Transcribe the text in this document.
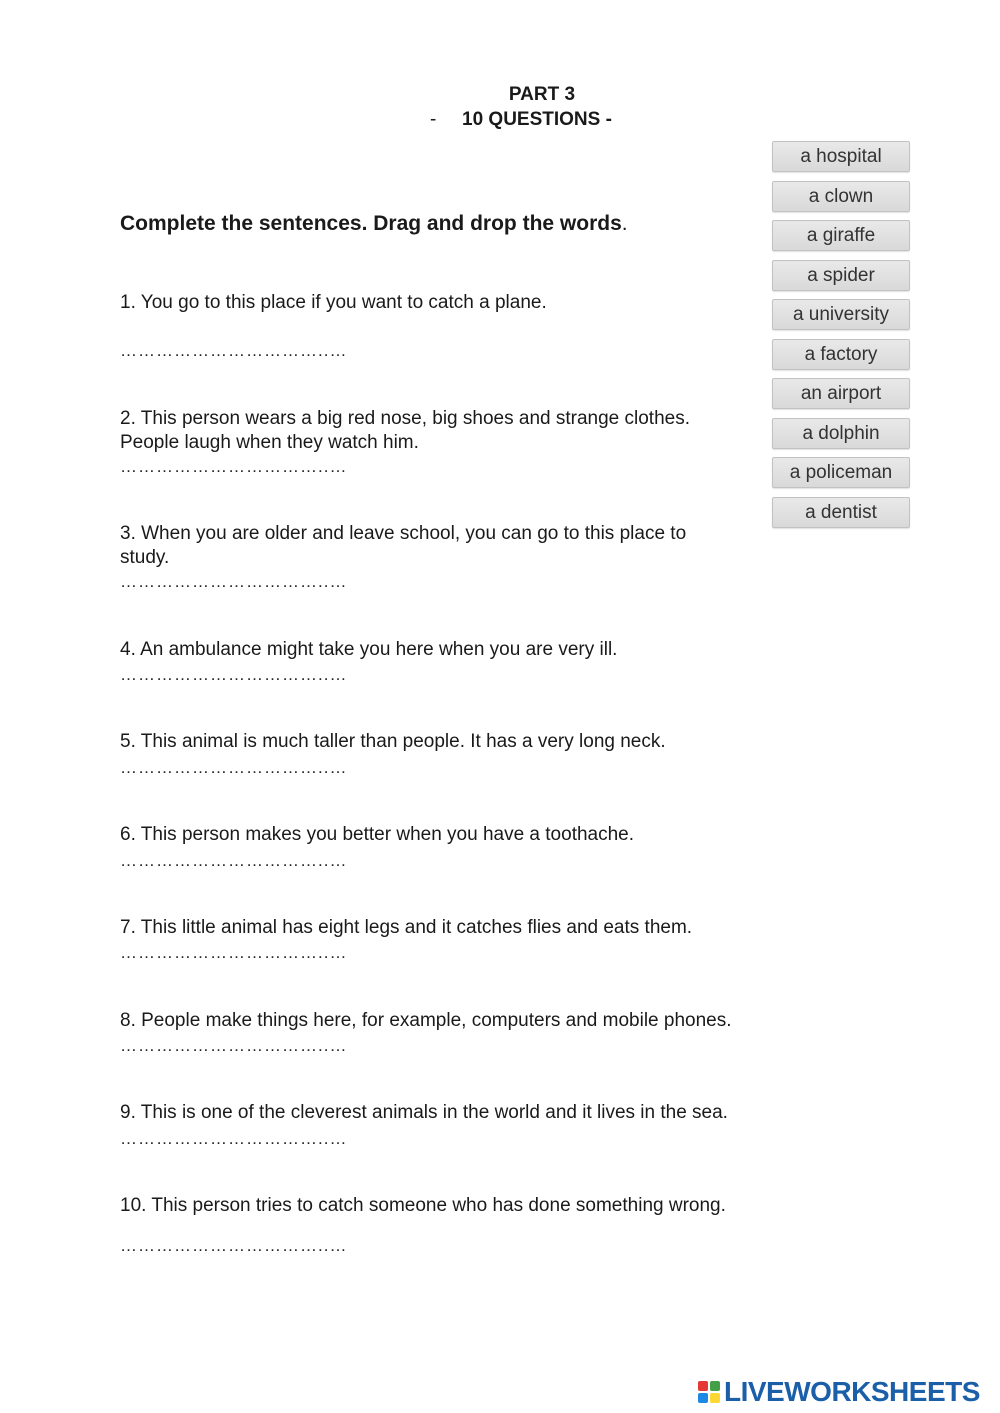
PART 3
- 10 QUESTIONS -
Complete the sentences. Drag and drop the words.
1. You go to this place if you want to catch a plane.
……………………………..…
2. This person wears a big red nose, big shoes and strange clothes.
People laugh when they watch him.
……………………………..…
3. When you are older and leave school, you can go to this place to
study.
……………………………..…
4. An ambulance might take you here when you are very ill.
……………………………..…
5. This animal is much taller than people. It has a very long neck.
……………………………..…
6. This person makes you better when you have a toothache.
……………………………..…
7. This little animal has eight legs and it catches flies and eats them.
……………………………..…
8. People make things here, for example, computers and mobile phones.
……………………………..…
9. This is one of the cleverest animals in the world and it lives in the sea.
……………………………..…
10. This person tries to catch someone who has done something wrong.
……………………………..…
a hospital
a clown
a giraffe
a spider
a university
a factory
an airport
a dolphin
a policeman
a dentist
LIVEWORKSHEETS
